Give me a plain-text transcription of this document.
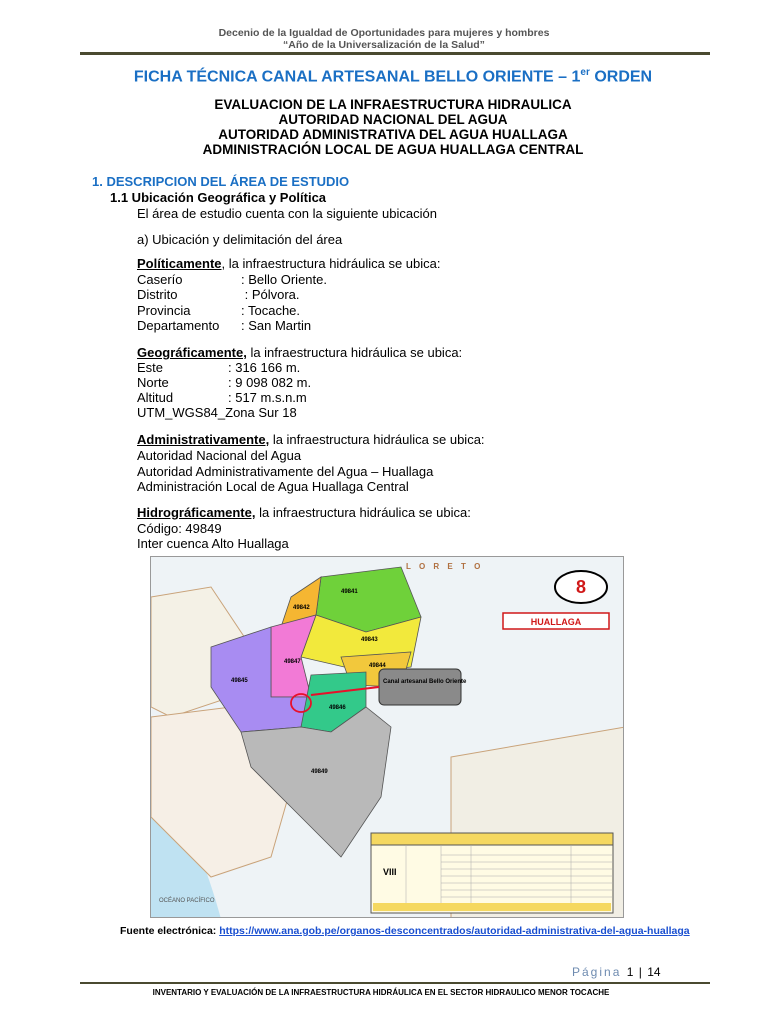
Decenio de la Igualdad de Oportunidades para mujeres y hombres
“Año de la Universalización de la Salud”
FICHA TÉCNICA CANAL ARTESANAL BELLO ORIENTE – 1er ORDEN
EVALUACION DE LA INFRAESTRUCTURA HIDRAULICA
AUTORIDAD NACIONAL DEL AGUA
AUTORIDAD ADMINISTRATIVA DEL AGUA HUALLAGA
ADMINISTRACIÓN LOCAL DE AGUA HUALLAGA CENTRAL
1. DESCRIPCION DEL ÁREA DE ESTUDIO
1.1 Ubicación Geográfica y Política
El área de estudio cuenta con la siguiente ubicación
a) Ubicación y delimitación del área
Políticamente, la infraestructura hidráulica se ubica:
Caserío	: Bello Oriente.
Distrito	: Pólvora.
Provincia	: Tocache.
Departamento : San Martin
Geográficamente, la infraestructura hidráulica se ubica:
Este	: 316 166 m.
Norte	: 9 098 082 m.
Altitud	: 517 m.s.n.m
UTM_WGS84_Zona Sur 18
Administrativamente, la infraestructura hidráulica se ubica:
Autoridad Nacional del Agua
Autoridad Administrativamente del Agua – Huallaga
Administración Local de Agua Huallaga Central
Hidrográficamente, la infraestructura hidráulica se ubica:
Código: 49849
Inter cuenca Alto Huallaga
49841
49842
49843
49844
49845
49846
49847
49849
L O R E T O
8
HUALLAGA
Canal artesanal Bello Oriente
VIII
OCÉANO PACÍFICO
Fuente electrónica: https://www.ana.gob.pe/organos-desconcentrados/autoridad-administrativa-del-agua-huallaga
Página 1 | 14
INVENTARIO Y EVALUACIÓN DE LA INFRAESTRUCTURA HIDRÁULICA EN EL SECTOR HIDRAULICO MENOR TOCACHE
